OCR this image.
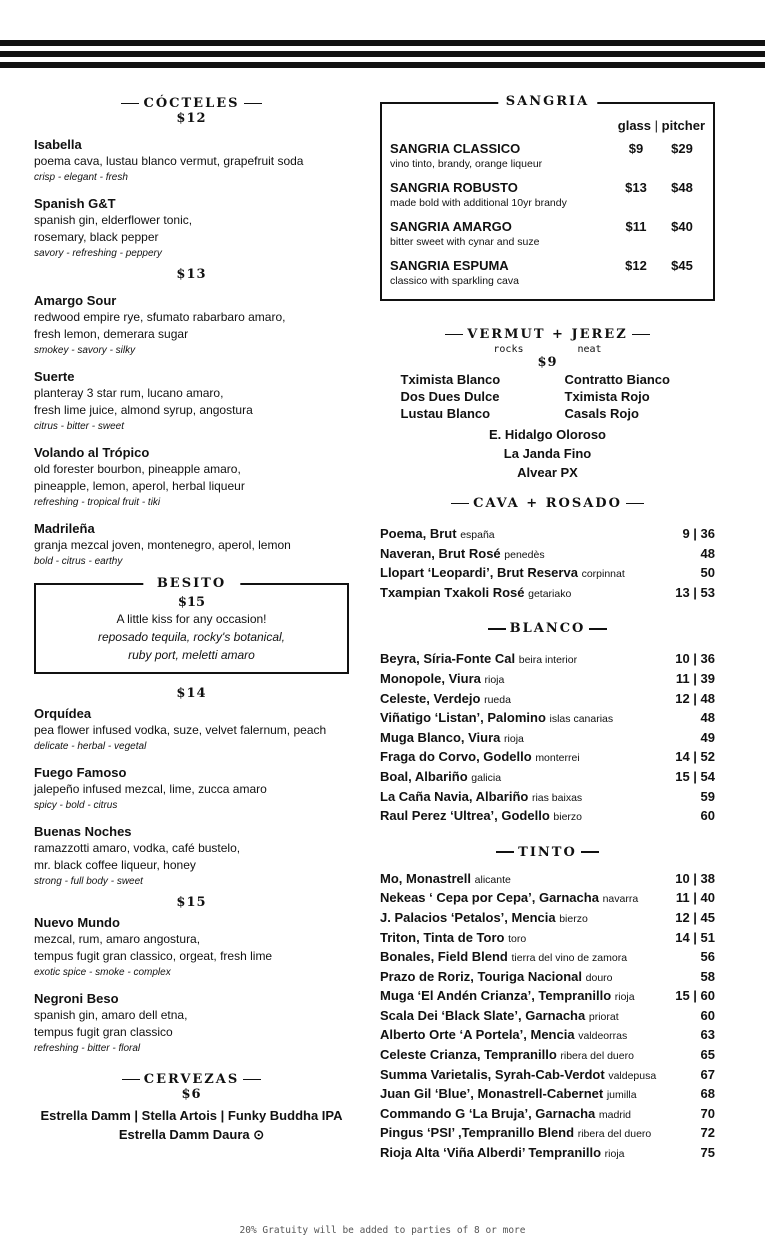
CÓCTELES
$12
Isabella
poema cava, lustau blanco vermut, grapefruit soda
crisp - elegant - fresh
Spanish G&T
spanish gin, elderflower tonic,
rosemary, black pepper
savory - refreshing - peppery
$13
Amargo Sour
redwood empire rye, sfumato rabarbaro amaro,
fresh lemon, demerara sugar
smokey - savory - silky
Suerte
planteray 3 star rum, lucano amaro,
fresh lime juice, almond syrup, angostura
citrus - bitter - sweet
Volando al Trópico
old forester bourbon, pineapple amaro,
pineapple, lemon, aperol, herbal liqueur
refreshing - tropical fruit - tiki
Madrileña
granja mezcal joven, montenegro, aperol, lemon
bold - citrus - earthy
BESITO
$15
A little kiss for any occasion!
reposado tequila, rocky's botanical,
ruby port, meletti amaro
$14
Orquídea
pea flower infused vodka, suze, velvet falernum, peach
delicate - herbal - vegetal
Fuego Famoso
jalepeño infused mezcal, lime, zucca amaro
spicy - bold - citrus
Buenas Noches
ramazzotti amaro, vodka, café bustelo,
mr. black coffee liqueur, honey
strong - full body - sweet
$15
Nuevo Mundo
mezcal, rum, amaro angostura,
tempus fugit gran classico, orgeat, fresh lime
exotic spice - smoke - complex
Negroni Beso
spanish gin, amaro dell etna,
tempus fugit gran classico
refreshing - bitter - floral
CERVEZAS
$6
Estrella Damm | Stella Artois | Funky Buddha IPA
Estrella Damm Daura ⊙
SANGRIA
glass | pitcher
SANGRIA CLASSICO
vino tinto, brandy, orange liqueur
$9	$29
SANGRIA ROBUSTO
made bold with additional 10yr brandy
$13	$48
SANGRIA AMARGO
bitter sweet with cynar and suze
$11	$40
SANGRIA ESPUMA
classico with sparkling cava
$12	$45
VERMUT + JEREZ
rocks	neat
$9
Tximista Blanco	Contratto Bianco
Dos Dues Dulce	Tximista Rojo
Lustau Blanco	Casals Rojo
E. Hidalgo Oloroso
La Janda Fino
Alvear PX
CAVA + ROSADO
Poema, Brut españa	9 | 36
Naveran, Brut Rosé penedès	48
Llopart ‘Leopardi’, Brut Reserva corpinnat	50
Txampian Txakoli Rosé getariako	13 | 53
BLANCO
Beyra, Síria-Fonte Cal beira interior	10 | 36
Monopole, Viura rioja	11 | 39
Celeste, Verdejo rueda	12 | 48
Viñatigo ‘Listan’, Palomino islas canarias	48
Muga Blanco, Viura rioja	49
Fraga do Corvo, Godello monterrei	14 | 52
Boal, Albariño galicia	15 | 54
La Caña Navia, Albariño rias baixas	59
Raul Perez ‘Ultrea’, Godello bierzo	60
TINTO
Mo, Monastrell alicante	10 | 38
Nekeas ‘ Cepa por Cepa’, Garnacha navarra	11 | 40
J. Palacios ‘Petalos’, Mencia bierzo	12 | 45
Triton, Tinta de Toro toro	14 | 51
Bonales, Field Blend tierra del vino de zamora	56
Prazo de Roriz, Touriga Nacional douro	58
Muga ‘El Andén Crianza’, Tempranillo rioja	15 | 60
Scala Dei ‘Black Slate’, Garnacha priorat	60
Alberto Orte ‘A Portela’, Mencia valdeorras	63
Celeste Crianza, Tempranillo ribera del duero	65
Summa Varietalis, Syrah-Cab-Verdot valdepusa	67
Juan Gil ‘Blue’, Monastrell-Cabernet jumilla	68
Commando G ‘La Bruja’, Garnacha madrid	70
Pingus ‘PSI’ ,Tempranillo Blend ribera del duero	72
Rioja Alta ‘Viña Alberdi’ Tempranillo rioja	75
20% Gratuity will be added to parties of 8 or more
